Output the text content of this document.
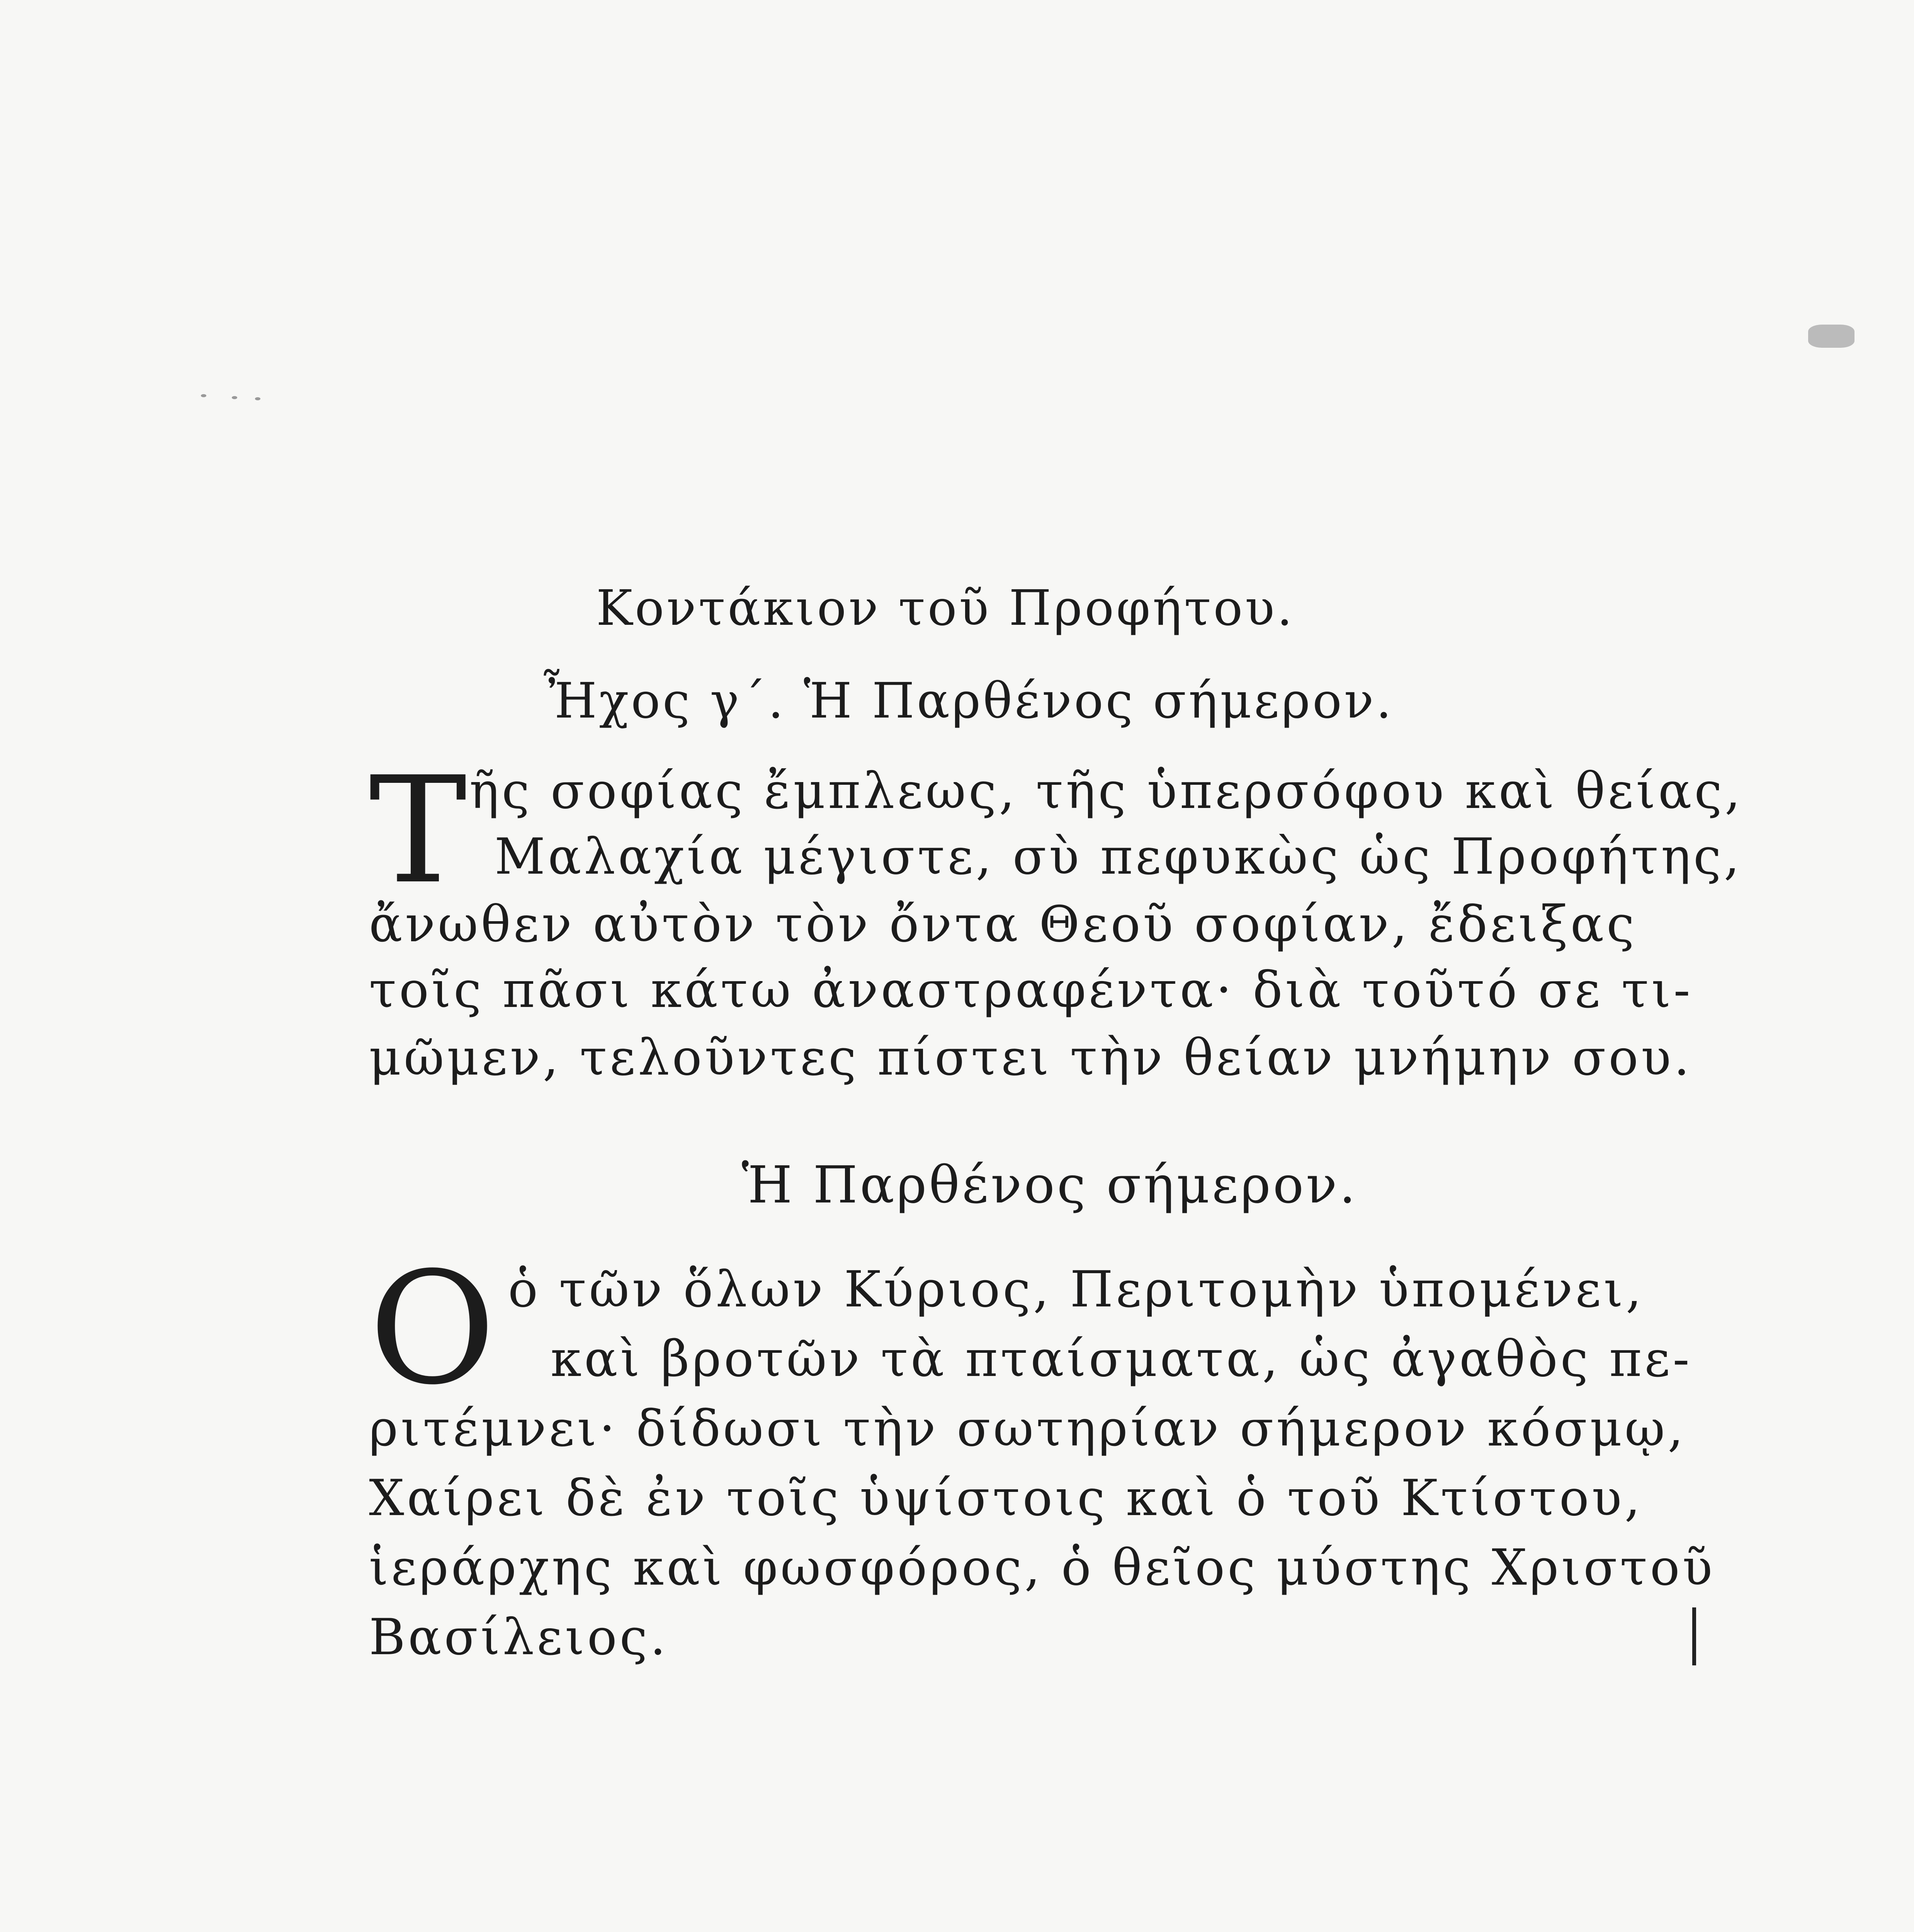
Κοντάκιον τοῦ Προφήτου.
Ἦχος γ΄. Ἡ Παρθένος σήμερον.
Τ ῆς σοφίας ἔμπλεως, τῆς ὑπερσόφου καὶ θείας,
Μαλαχία μέγιστε, σὺ πεφυκὼς ὡς Προφήτης,
ἄνωθεν αὐτὸν τὸν ὄντα Θεοῦ σοφίαν, ἔδειξας
τοῖς πᾶσι κάτω ἀναστραφέντα· διὰ τοῦτό σε τι-
μῶμεν, τελοῦντες πίστει τὴν θείαν μνήμην σου.
Ἡ Παρθένος σήμερον.
Ο ὁ τῶν ὅλων Κύριος, Περιτομὴν ὑπομένει,
καὶ βροτῶν τὰ πταίσματα, ὡς ἀγαθὸς πε-
ριτέμνει· δίδωσι τὴν σωτηρίαν σήμερον κόσμῳ,
Χαίρει δὲ ἐν τοῖς ὑψίστοις καὶ ὁ τοῦ Κτίστου,
ἱεράρχης καὶ φωσφόρος, ὁ θεῖος μύστης Χριστοῦ
Βασίλειος.
